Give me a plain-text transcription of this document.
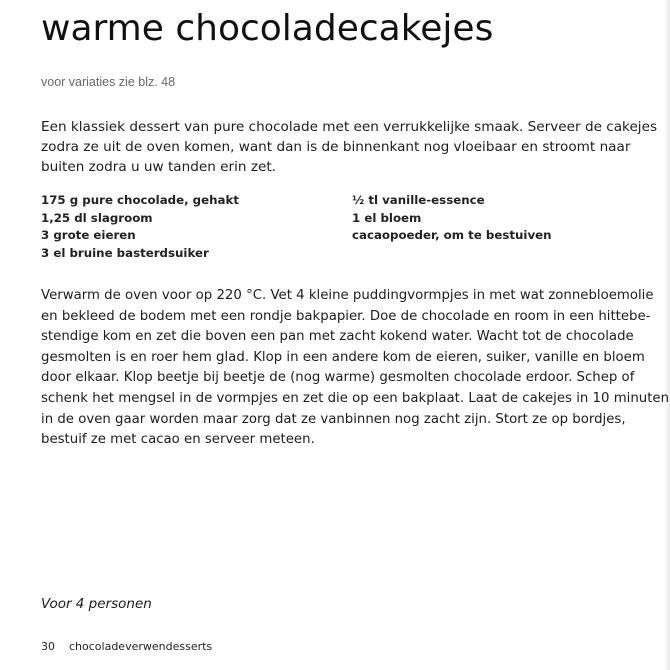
warme chocoladecakejes
voor variaties zie blz. 48
Een klassiek dessert van pure chocolade met een verrukkelijke smaak. Serveer de cakejes
zodra ze uit de oven komen, want dan is de binnenkant nog vloeibaar en stroomt naar
buiten zodra u uw tanden erin zet.
175 g pure chocolade, gehakt
1,25 dl slagroom
3 grote eieren
3 el bruine basterdsuiker
½ tl vanille-essence
1 el bloem
cacaopoeder, om te bestuiven
Verwarm de oven voor op 220 °C. Vet 4 kleine puddingvormpjes in met wat zonnebloemolie
en bekleed de bodem met een rondje bakpapier. Doe de chocolade en room in een hittebe-
stendige kom en zet die boven een pan met zacht kokend water. Wacht tot de chocolade
gesmolten is en roer hem glad. Klop in een andere kom de eieren, suiker, vanille en bloem
door elkaar. Klop beetje bij beetje de (nog warme) gesmolten chocolade erdoor. Schep of
schenk het mengsel in de vormpjes en zet die op een bakplaat. Laat de cakejes in 10 minuten
in de oven gaar worden maar zorg dat ze vanbinnen nog zacht zijn. Stort ze op bordjes,
bestuif ze met cacao en serveer meteen.
Voor 4 personen
30 chocoladeverwendesserts
